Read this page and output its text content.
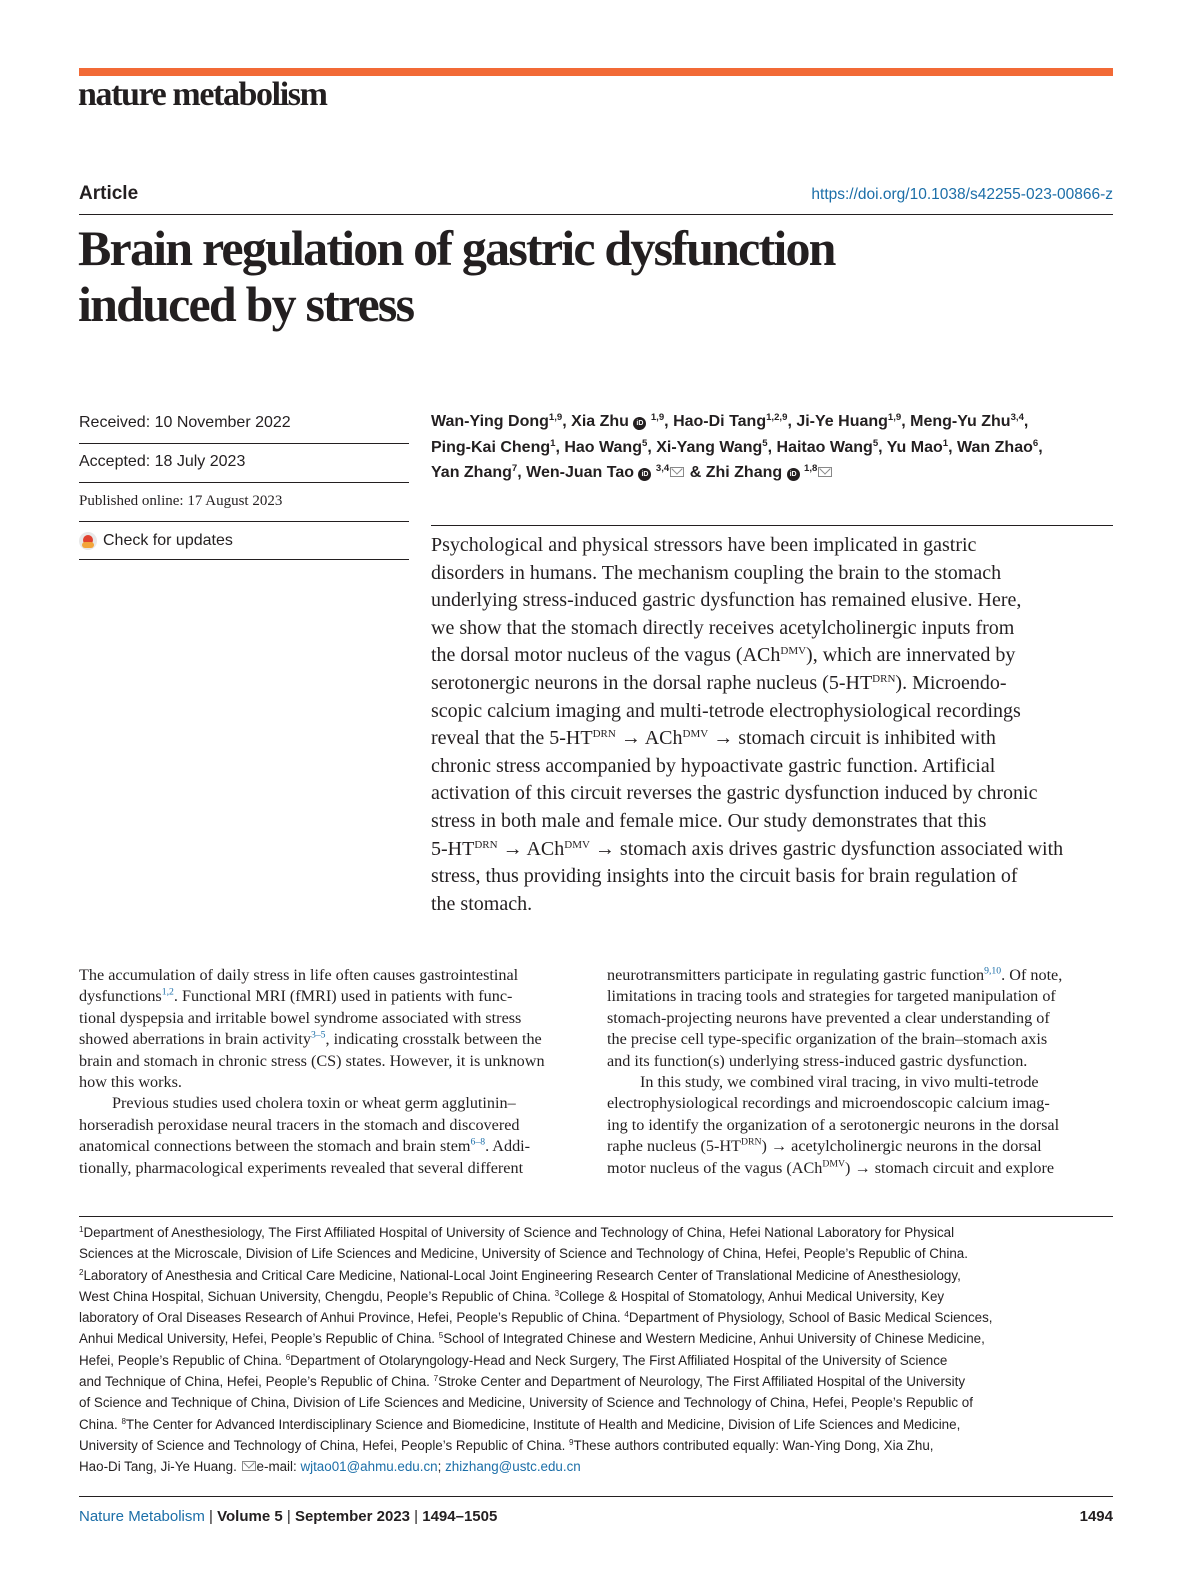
nature metabolism
Article	https://doi.org/10.1038/s42255-023-00866-z
Brain regulation of gastric dysfunction
induced by stress
Received: 10 November 2022
Accepted: 18 July 2023
Published online: 17 August 2023
Check for updates
Wan-Ying Dong$^{1,9}$, Xia Zhu iD $^{1,9}$, Hao-Di Tang$^{1,2,9}$, Ji-Ye Huang$^{1,9}$, Meng-Yu Zhu$^{3,4}$,
Ping-Kai Cheng$^1$, Hao Wang$^5$, Xi-Yang Wang$^5$, Haitao Wang$^5$, Yu Mao$^1$, Wan Zhao$^6$,
Yan Zhang$^7$, Wen-Juan Tao iD $^{3,4}$ & Zhi Zhang iD $^{1,8}$
Psychological and physical stressors have been implicated in gastric
disorders in humans. The mechanism coupling the brain to the stomach
underlying stress-induced gastric dysfunction has remained elusive. Here,
we show that the stomach directly receives acetylcholinergic inputs from
the dorsal motor nucleus of the vagus (ACh$^{DMV}$), which are innervated by
serotonergic neurons in the dorsal raphe nucleus $(5-HT^{DRN})$. Microendo-
scopic calcium imaging and multi-tetrode electrophysiological recordings
reveal that the $5-HT^{DRN} \to ACh^{DMV}$ → stomach circuit is inhibited with
chronic stress accompanied by hypoactivate gastric function. Artificial
activation of this circuit reverses the gastric dysfunction induced by chronic
stress in both male and female mice. Our study demonstrates that this
$5-HT^{DRN} \to ACh^{DMV}$ → stomach axis drives gastric dysfunction associated with
stress, thus providing insights into the circuit basis for brain regulation of
the stomach.
The accumulation of daily stress in life often causes gastrointestinal
dysfunctions$^{1,2}$. Functional MRI (fMRI) used in patients with func-
tional dyspepsia and irritable bowel syndrome associated with stress
showed aberrations in brain activity$^{3-5}$, indicating crosstalk between the
brain and stomach in chronic stress (CS) states. However, it is unknown
how this works.
Previous studies used cholera toxin or wheat germ agglutinin–
horseradish peroxidase neural tracers in the stomach and discovered
anatomical connections between the stomach and brain stem$^{6-8}$. Addi-
tionally, pharmacological experiments revealed that several different
neurotransmitters participate in regulating gastric function$^{9,10}$. Of note,
limitations in tracing tools and strategies for targeted manipulation of
stomach-projecting neurons have prevented a clear understanding of
the precise cell type-specific organization of the brain–stomach axis
and its function(s) underlying stress-induced gastric dysfunction.
In this study, we combined viral tracing, in vivo multi-tetrode
electrophysiological recordings and microendoscopic calcium imag-
ing to identify the organization of a serotonergic neurons in the dorsal
raphe nucleus $(5-HT^{DRN})$ → acetylcholinergic neurons in the dorsal
motor nucleus of the vagus (ACh$^{DMV}$) → stomach circuit and explore
$^1$Department of Anesthesiology, The First Affiliated Hospital of University of Science and Technology of China, Hefei National Laboratory for Physical
Sciences at the Microscale, Division of Life Sciences and Medicine, University of Science and Technology of China, Hefei, People’s Republic of China.
$^2$Laboratory of Anesthesia and Critical Care Medicine, National-Local Joint Engineering Research Center of Translational Medicine of Anesthesiology,
West China Hospital, Sichuan University, Chengdu, People’s Republic of China. $^3$College & Hospital of Stomatology, Anhui Medical University, Key
laboratory of Oral Diseases Research of Anhui Province, Hefei, People’s Republic of China. $^4$Department of Physiology, School of Basic Medical Sciences,
Anhui Medical University, Hefei, People’s Republic of China. $^5$School of Integrated Chinese and Western Medicine, Anhui University of Chinese Medicine,
Hefei, People’s Republic of China. $^6$Department of Otolaryngology-Head and Neck Surgery, The First Affiliated Hospital of the University of Science
and Technique of China, Hefei, People’s Republic of China. $^7$Stroke Center and Department of Neurology, The First Affiliated Hospital of the University
of Science and Technique of China, Division of Life Sciences and Medicine, University of Science and Technology of China, Hefei, People’s Republic of
China. $^8$The Center for Advanced Interdisciplinary Science and Biomedicine, Institute of Health and Medicine, Division of Life Sciences and Medicine,
University of Science and Technology of China, Hefei, People’s Republic of China. $^9$These authors contributed equally: Wan-Ying Dong, Xia Zhu,
Hao-Di Tang, Ji-Ye Huang. e-mail: wjtao01@ahmu.edu.cn; zhizhang@ustc.edu.cn
Nature Metabolism | Volume 5 | September 2023 | 1494–1505	1494
